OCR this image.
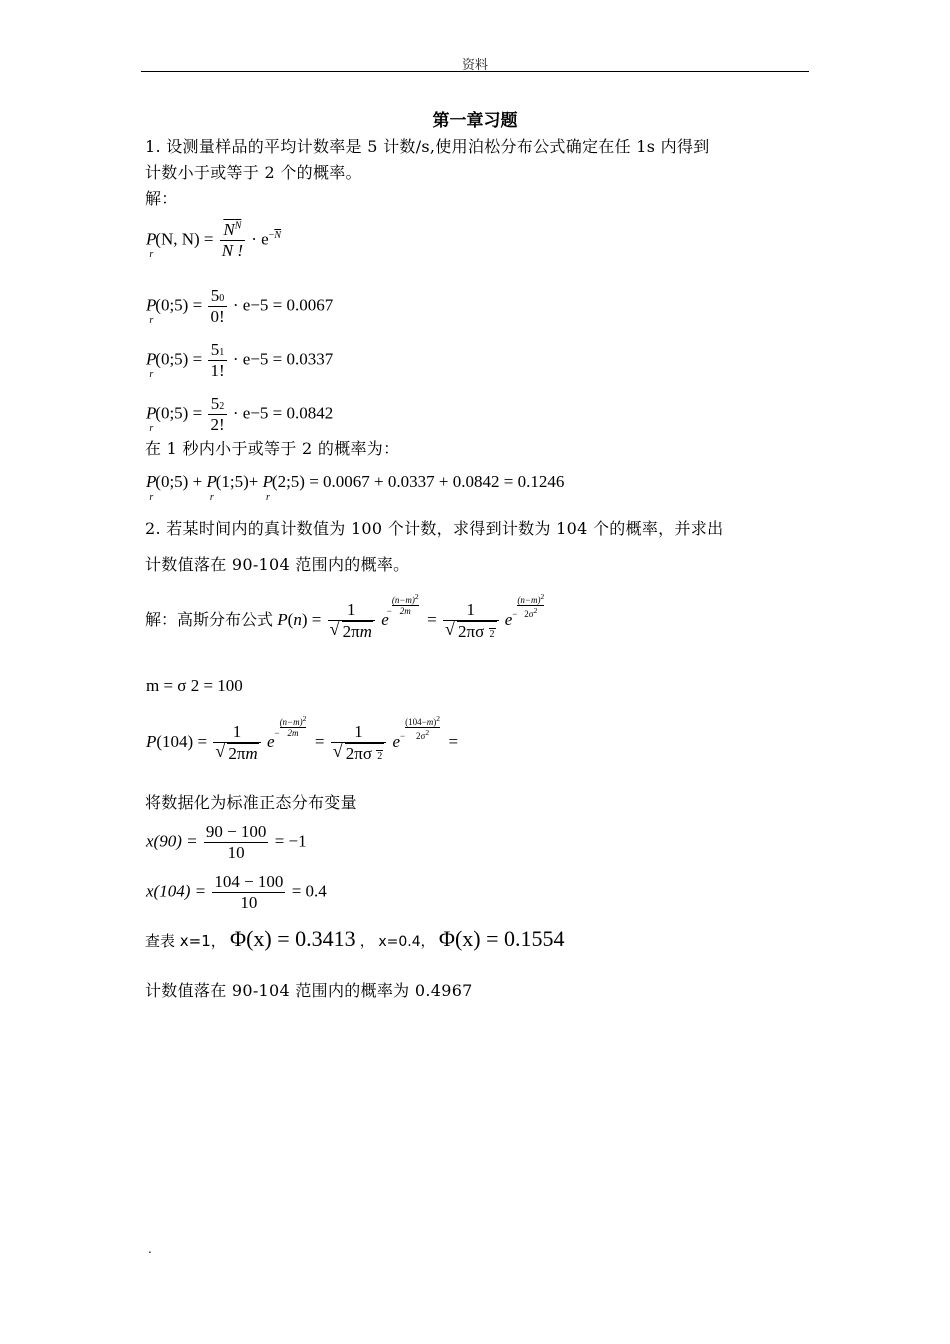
资料
第一章习题
1. 设测量样品的平均计数率是 5 计数/s,使用泊松分布公式确定在任 1s 内得到
计数小于或等于 2 个的概率。
解：
$P_r(N$, $N) = \frac{N^N}{N !} \cdot e^{-\overline{N}}$
$P_r(0;5) = \frac{50}{0!} \cdot e-5 = 0.0067$
$P_r(0;5) = \frac{51}{1!} \cdot e-5 = 0.0337$
$P_r(0;5) = \frac{52}{2!} \cdot e-5 = 0.0842$
在 1 秒内小于或等于 2 的概率为：
$P_r(0;5)$ + $P_r(1;5)+$ $P_r(2;5) = 0.0067 + 0.0337 + 0.0842 = 0.1246$
2. 若某时间内的真计数值为 100 个计数，求得到计数为 104 个的概率，并求出
计数值落在 90-104 范围内的概率。
解：高斯分布公式 P(n) = 1
√ 2πm $e- \frac{(n-m)^2}{2m}$
= 1
√ 2πσ 2 $e- \frac{(n-m)^2}{2\sigma^2}$
m = σ 2 = 100
P(104) = 1
√ 2πm $e- \frac{(n-m)^2}{2m}$
= 1
√ 2πσ 2 $e- \frac{(104-m)^2}{2\sigma^2}$
=
将数据化为标准正态分布变量
$x(90) = \frac{90 - 100}{10} = -1$
$x(104) = \frac{104 - 100}{10} = 0.4$
查表 x=1， Φ(x) = 0.3413 ， x=0.4， Φ(x) = 0.1554
计数值落在 90-104 范围内的概率为 0.4967
.
